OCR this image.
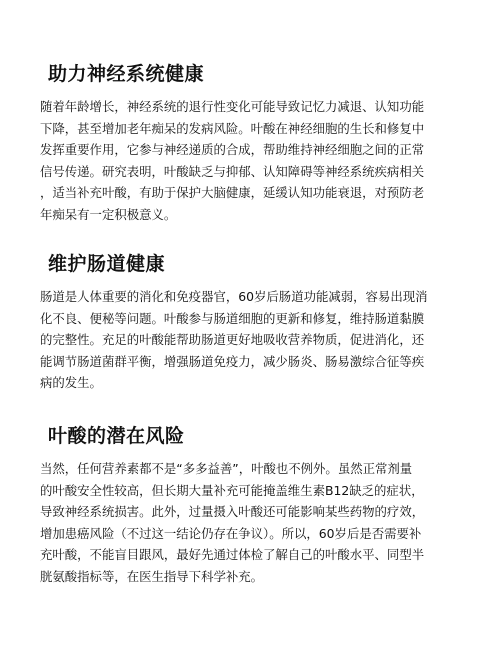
助力神经系统健康

随着年龄增长，神经系统的退行性变化可能导致记忆力减退、认知功能
下降，甚至增加老年痴呆的发病风险。叶酸在神经细胞的生长和修复中
发挥重要作用，它参与神经递质的合成，帮助维持神经细胞之间的正常
信号传递。研究表明，叶酸缺乏与抑郁、认知障碍等神经系统疾病相关
，适当补充叶酸，有助于保护大脑健康，延缓认知功能衰退，对预防老
年痴呆有一定积极意义。

维护肠道健康

肠道是人体重要的消化和免疫器官，60岁后肠道功能减弱，容易出现消
化不良、便秘等问题。叶酸参与肠道细胞的更新和修复，维持肠道黏膜
的完整性。充足的叶酸能帮助肠道更好地吸收营养物质，促进消化，还
能调节肠道菌群平衡，增强肠道免疫力，减少肠炎、肠易激综合征等疾
病的发生。

叶酸的潜在风险

当然，任何营养素都不是“多多益善”，叶酸也不例外。虽然正常剂量
的叶酸安全性较高，但长期大量补充可能掩盖维生素B12缺乏的症状，
导致神经系统损害。此外，过量摄入叶酸还可能影响某些药物的疗效，
增加患癌风险（不过这一结论仍存在争议）。所以，60岁后是否需要补
充叶酸，不能盲目跟风，最好先通过体检了解自己的叶酸水平、同型半
胱氨酸指标等，在医生指导下科学补充。
